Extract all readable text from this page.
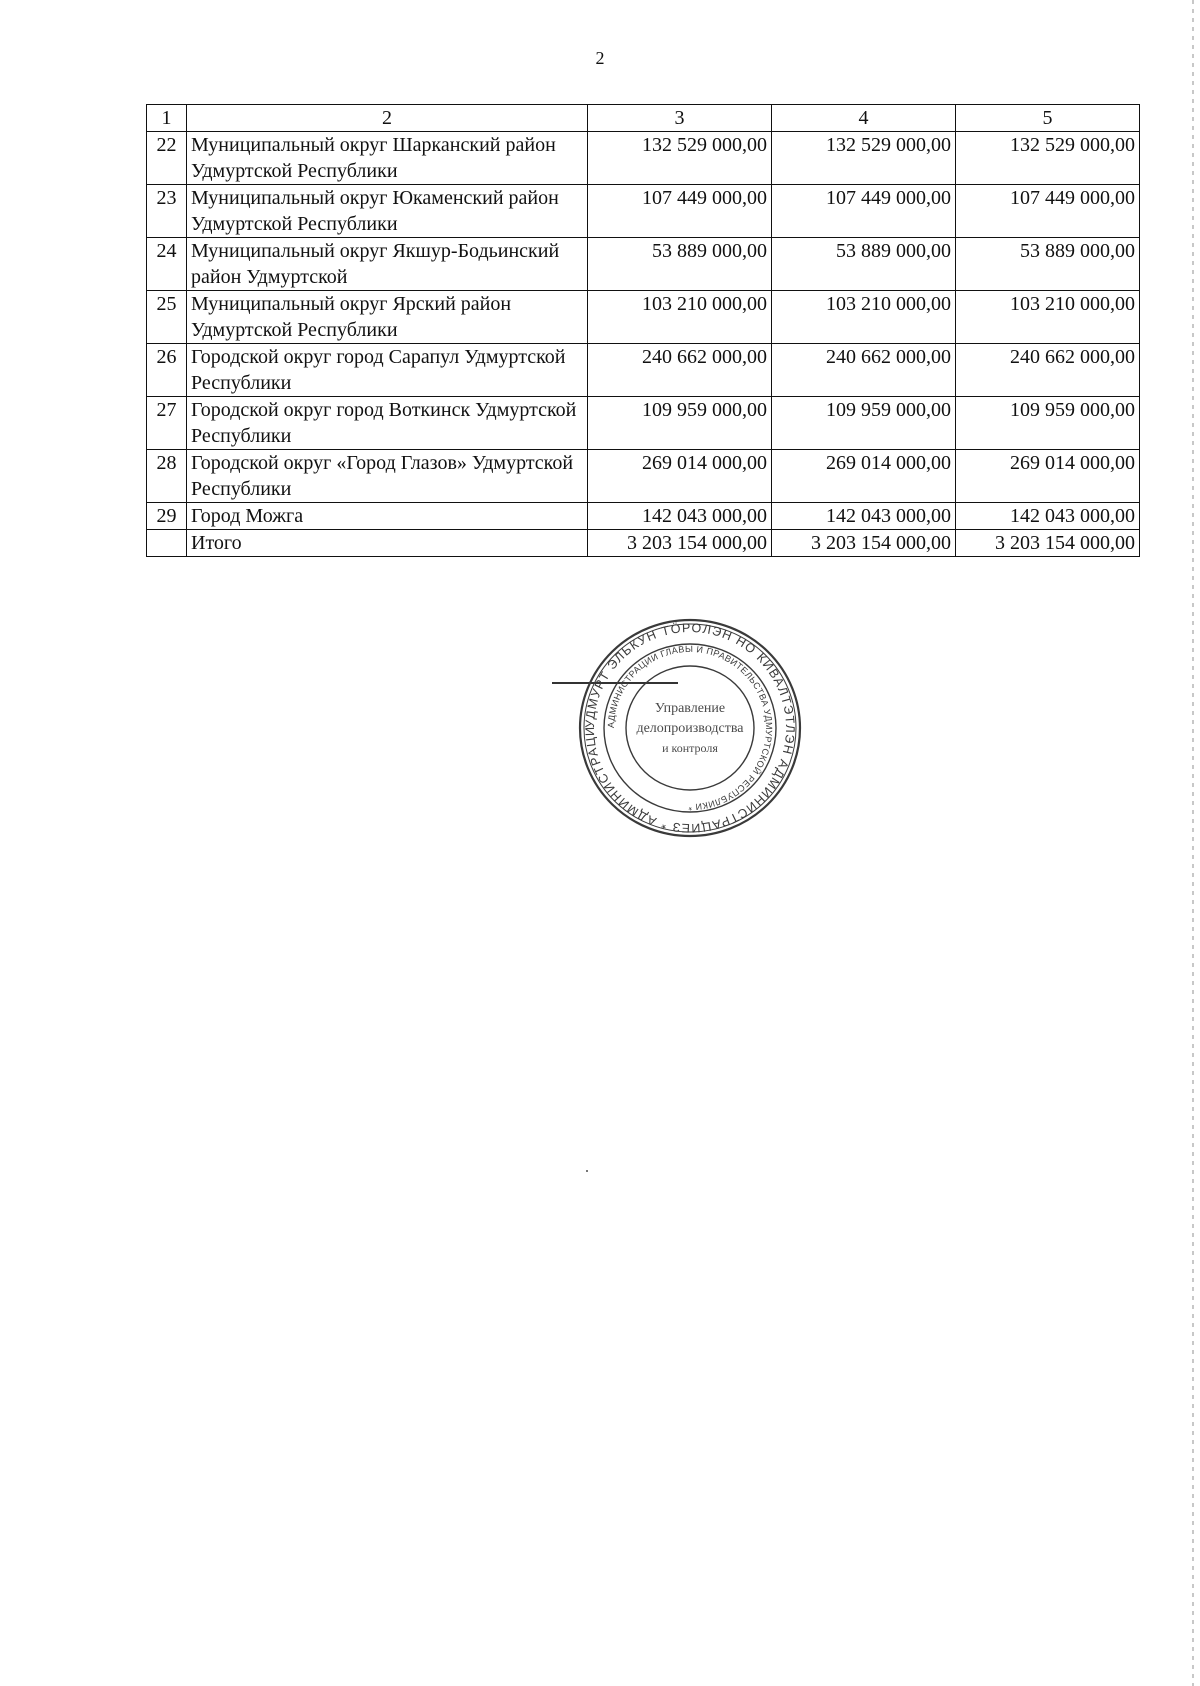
2
1	2	3	4	5
22	Муниципальный округ Шарканский район Удмуртской Республики	132 529 000,00	132 529 000,00	132 529 000,00
23	Муниципальный округ Юкаменский район Удмуртской Республики	107 449 000,00	107 449 000,00	107 449 000,00
24	Муниципальный округ Якшур-Бодьинский район Удмуртской	53 889 000,00	53 889 000,00	53 889 000,00
25	Муниципальный округ Ярский район Удмуртской Республики	103 210 000,00	103 210 000,00	103 210 000,00
26	Городской округ город Сарапул Удмуртской Республики	240 662 000,00	240 662 000,00	240 662 000,00
27	Городской округ город Воткинск Удмуртской Республики	109 959 000,00	109 959 000,00	109 959 000,00
28	Городской округ «Город Глазов» Удмуртской Республики	269 014 000,00	269 014 000,00	269 014 000,00
29	Город Можга	142 043 000,00	142 043 000,00	142 043 000,00
	Итого	3 203 154 000,00	3 203 154 000,00	3 203 154 000,00
УДМУРТ ЭЛЬКУН ТӦРОЛЭН НО КИВАЛТЭТЛЭН АДМИНИСТРАЦИЕЗ * АДМИНИСТРАЦИ
АДМИНИСТРАЦИИ ГЛАВЫ И ПРАВИТЕЛЬСТВА УДМУРТСКОЙ РЕСПУБЛИКИ *
Управление
делопроизводства
и контроля
